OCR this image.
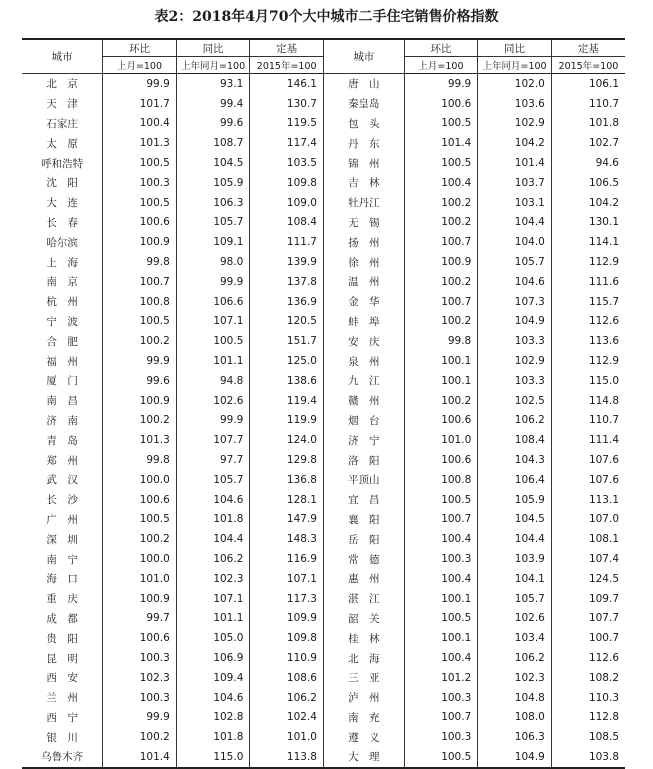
表2：2018年4月70个大中城市二手住宅销售价格指数
城市	环比	同比	定基	城市	环比	同比	定基
	上月=100	上年同月=100	2015年=100		上月=100	上年同月=100	2015年=100
北　京	99.9	93.1	146.1	唐　山	99.9	102.0	106.1
天　津	101.7	99.4	130.7	秦皇岛	100.6	103.6	110.7
石家庄	100.4	99.6	119.5	包　头	100.5	102.9	101.8
太　原	101.3	108.7	117.4	丹　东	101.4	104.2	102.7
呼和浩特	100.5	104.5	103.5	锦　州	100.5	101.4	94.6
沈　阳	100.3	105.9	109.8	吉　林	100.4	103.7	106.5
大　连	100.5	106.3	109.0	牡丹江	100.2	103.1	104.2
长　春	100.6	105.7	108.4	无　锡	100.2	104.4	130.1
哈尔滨	100.9	109.1	111.7	扬　州	100.7	104.0	114.1
上　海	99.8	98.0	139.9	徐　州	100.9	105.7	112.9
南　京	100.7	99.9	137.8	温　州	100.2	104.6	111.6
杭　州	100.8	106.6	136.9	金　华	100.7	107.3	115.7
宁　波	100.5	107.1	120.5	蚌　埠	100.2	104.9	112.6
合　肥	100.2	100.5	151.7	安　庆	99.8	103.3	113.6
福　州	99.9	101.1	125.0	泉　州	100.1	102.9	112.9
厦　门	99.6	94.8	138.6	九　江	100.1	103.3	115.0
南　昌	100.9	102.6	119.4	赣　州	100.2	102.5	114.8
济　南	100.2	99.9	119.9	烟　台	100.6	106.2	110.7
青　岛	101.3	107.7	124.0	济　宁	101.0	108.4	111.4
郑　州	99.8	97.7	129.8	洛　阳	100.6	104.3	107.6
武　汉	100.0	105.7	136.8	平顶山	100.8	106.4	107.6
长　沙	100.6	104.6	128.1	宜　昌	100.5	105.9	113.1
广　州	100.5	101.8	147.9	襄　阳	100.7	104.5	107.0
深　圳	100.2	104.4	148.3	岳　阳	100.4	104.4	108.1
南　宁	100.0	106.2	116.9	常　德	100.3	103.9	107.4
海　口	101.0	102.3	107.1	惠　州	100.4	104.1	124.5
重　庆	100.9	107.1	117.3	湛　江	100.1	105.7	109.7
成　都	99.7	101.1	109.9	韶　关	100.5	102.6	107.7
贵　阳	100.6	105.0	109.8	桂　林	100.1	103.4	100.7
昆　明	100.3	106.9	110.9	北　海	100.4	106.2	112.6
西　安	102.3	109.4	108.6	三　亚	101.2	102.3	108.2
兰　州	100.3	104.6	106.2	泸　州	100.3	104.8	110.3
西　宁	99.9	102.8	102.4	南　充	100.7	108.0	112.8
银　川	100.2	101.8	101.0	遵　义	100.3	106.3	108.5
乌鲁木齐	101.4	115.0	113.8	大　理	100.5	104.9	103.8
